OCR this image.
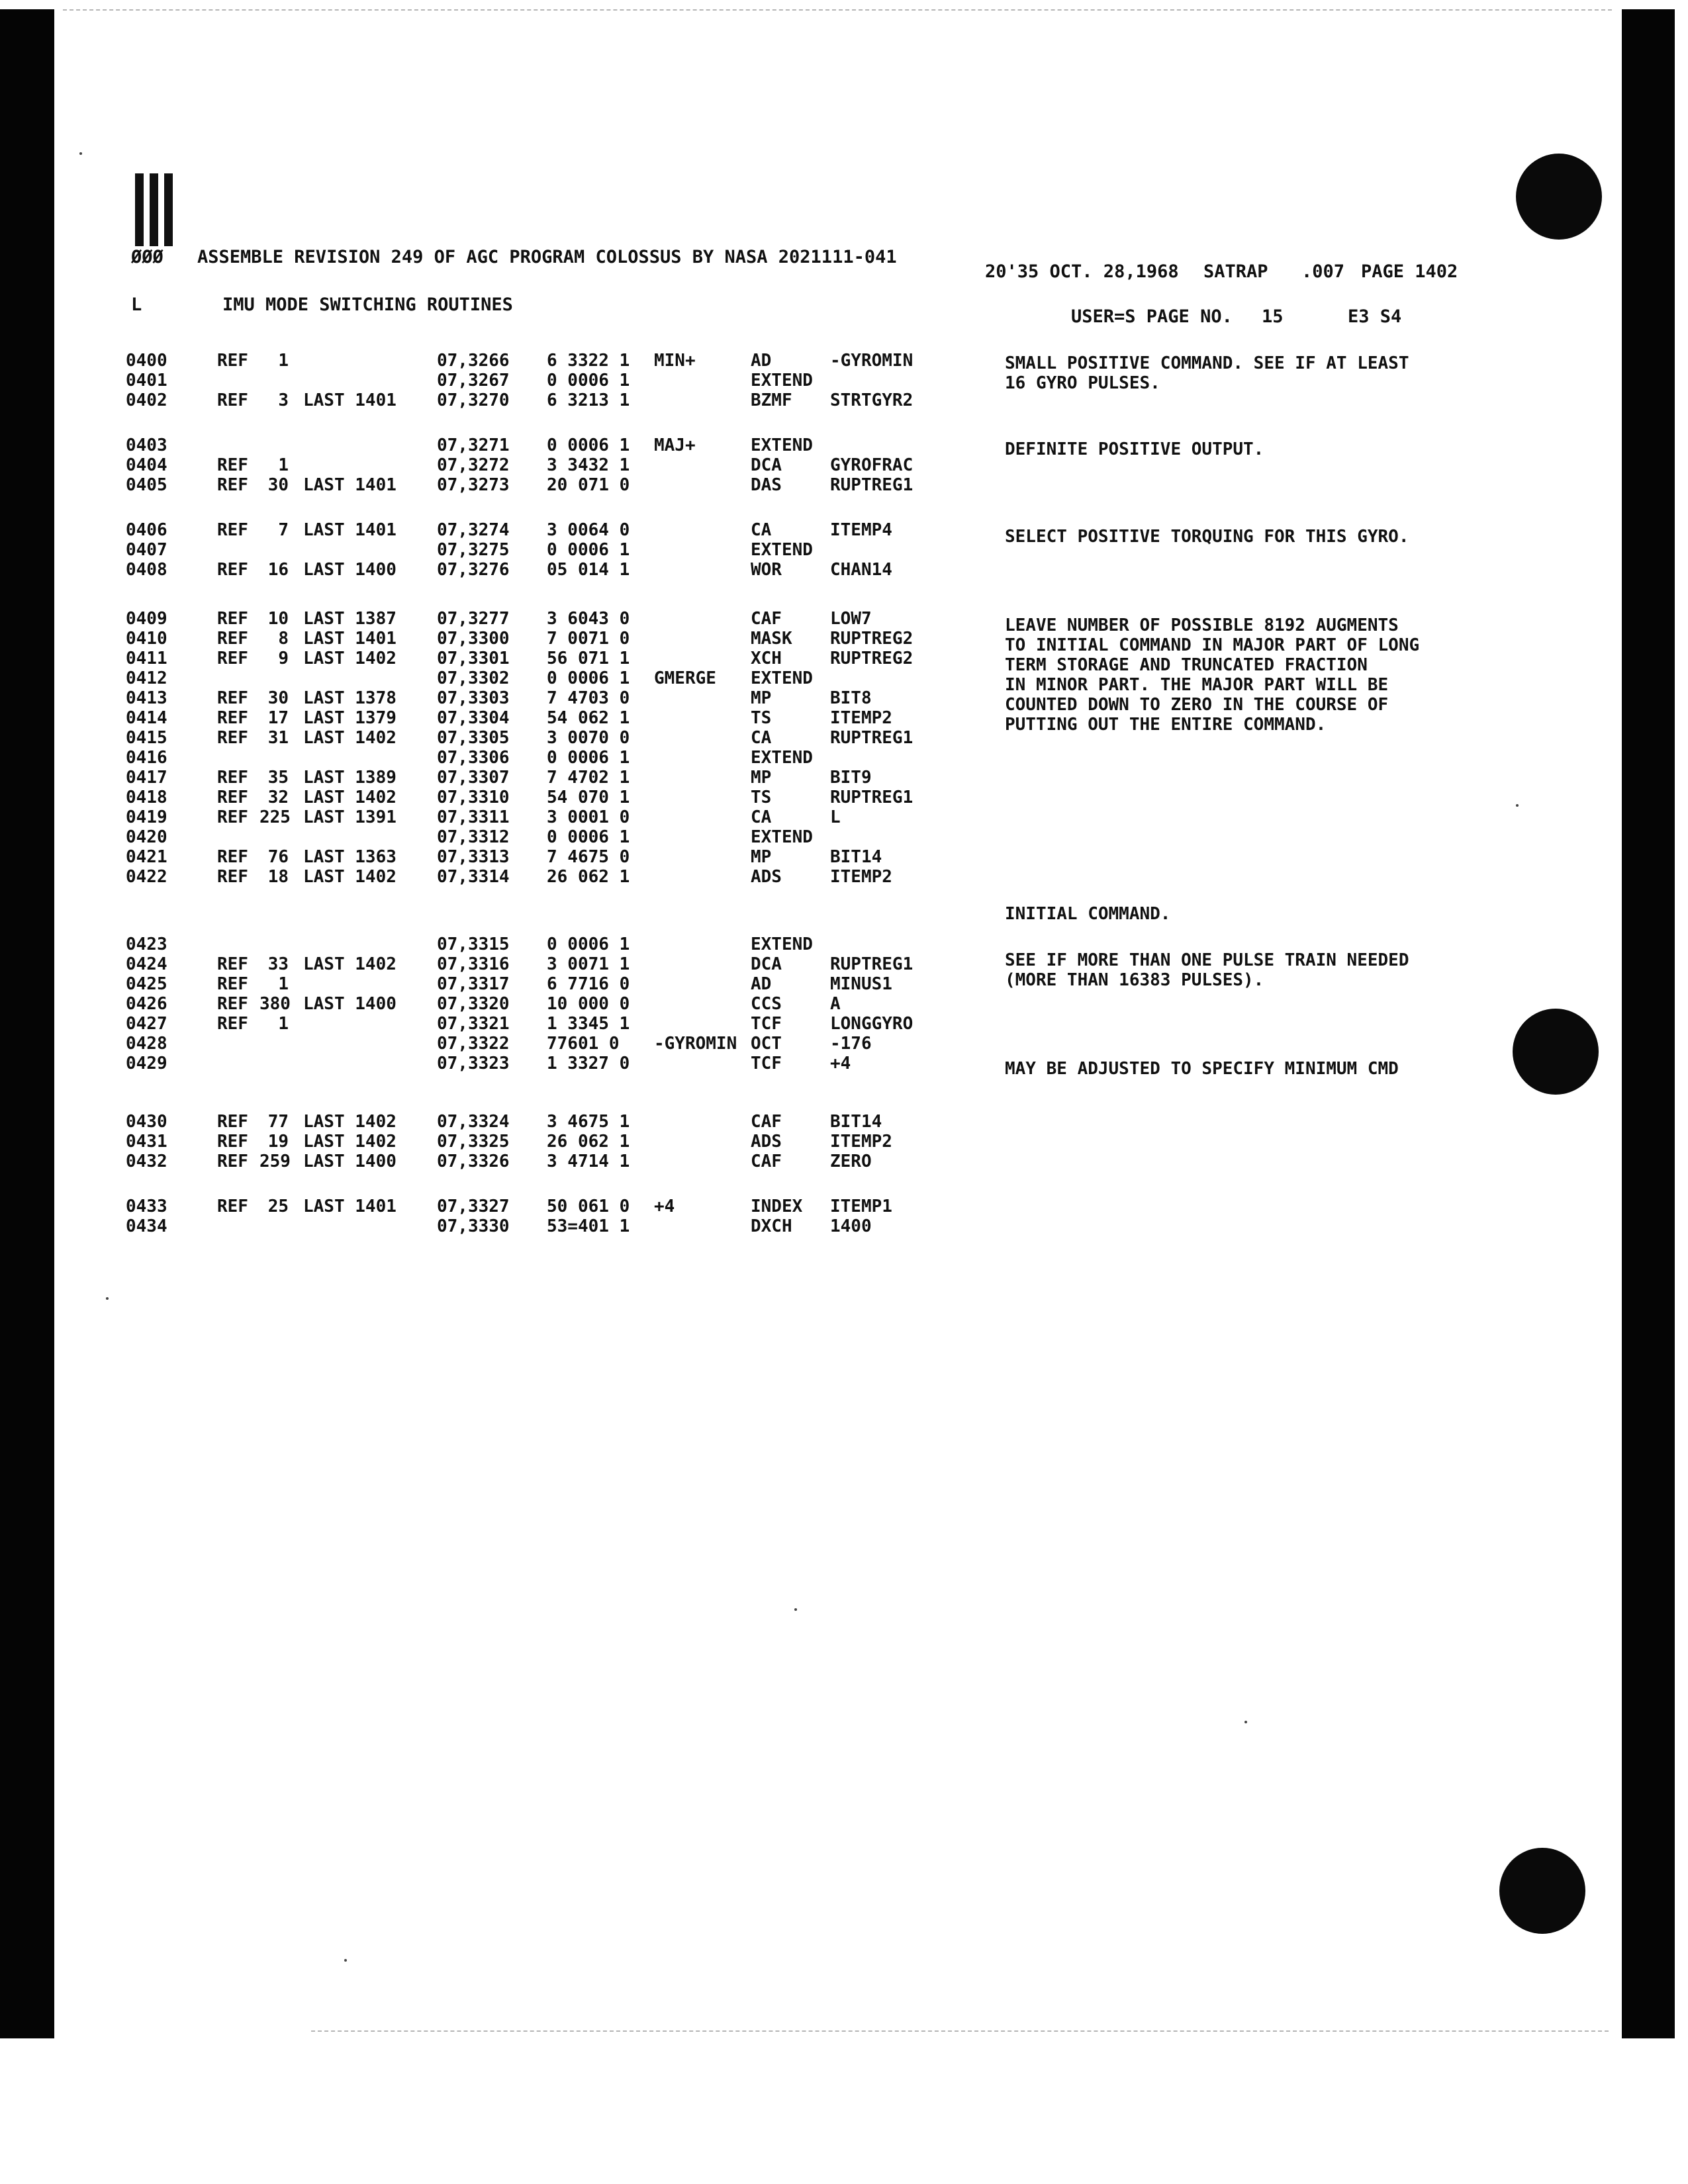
ØØØ ASSEMBLE REVISION 249 OF AGC PROGRAM COLOSSUS BY NASA 2021111-041
20'35 OCT. 28,1968 SATRAP .007 PAGE 1402
L	IMU MODE SWITCHING ROUTINES
USER=S PAGE NO. 15	E3 S4
0400	REF	1	07,3266 6 3322 1 MIN+	AD	-GYROMIN
0401	07,3267 0 0006 1	EXTEND
0402	REF	3 LAST 1401 07,3270 6 3213 1	BZMF STRTGYR2
0403	07,3271 0 0006 1 MAJ+	EXTEND
0404	REF	1	07,3272 3 3432 1	DCA	GYROFRAC
0405	REF	30 LAST 1401 07,3273 20 071 0	DAS	RUPTREG1
0406	REF	7 LAST 1401 07,3274 3 0064 0	CA	ITEMP4
0407	07,3275 0 0006 1	EXTEND
0408	REF	16 LAST 1400 07,3276 05 014 1	WOR	CHAN14
0409	REF	10 LAST 1387 07,3277 3 6043 0	CAF	LOW7
0410	REF	8 LAST 1401 07,3300 7 0071 0	MASK RUPTREG2
0411	REF	9 LAST 1402 07,3301 56 071 1	XCH	RUPTREG2
0412	07,3302 0 0006 1 GMERGE EXTEND
0413	REF	30 LAST 1378 07,3303 7 4703 0	MP	BIT8
0414	REF	17 LAST 1379 07,3304 54 062 1	TS	ITEMP2
0415	REF	31 LAST 1402 07,3305 3 0070 0	CA	RUPTREG1
0416	07,3306 0 0006 1	EXTEND
0417	REF	35 LAST 1389 07,3307 7 4702 1	MP	BIT9
0418	REF	32 LAST 1402 07,3310 54 070 1	TS	RUPTREG1
0419	REF 225 LAST 1391 07,3311 3 0001 0	CA	L
0420	07,3312 0 0006 1	EXTEND
0421	REF	76 LAST 1363 07,3313 7 4675 0	MP	BIT14
0422	REF	18 LAST 1402 07,3314 26 062 1	ADS	ITEMP2
0423	07,3315 0 0006 1	EXTEND
0424	REF	33 LAST 1402 07,3316 3 0071 1	DCA	RUPTREG1
0425	REF	1	07,3317 6 7716 0	AD	MINUS1
0426	REF 380 LAST 1400 07,3320 10 000 0	CCS	A
0427	REF	1	07,3321 1 3345 1	TCF	LONGGYRO
0428	07,3322 77601 0 -GYROMIN OCT	-176
0429	07,3323 1 3327 0	TCF	+4
0430	REF	77 LAST 1402 07,3324 3 4675 1	CAF	BIT14
0431	REF	19 LAST 1402 07,3325 26 062 1	ADS	ITEMP2
0432	REF 259 LAST 1400 07,3326 3 4714 1	CAF	ZERO
0433	REF	25 LAST 1401 07,3327 50 061 0 +4	INDEX ITEMP1
0434	07,3330 53=401 1	DXCH 1400
SMALL POSITIVE COMMAND. SEE IF AT LEAST
16 GYRO PULSES.
DEFINITE POSITIVE OUTPUT.
SELECT POSITIVE TORQUING FOR THIS GYRO.
LEAVE NUMBER OF POSSIBLE 8192 AUGMENTS
TO INITIAL COMMAND IN MAJOR PART OF LONG
TERM STORAGE AND TRUNCATED FRACTION
IN MINOR PART. THE MAJOR PART WILL BE
COUNTED DOWN TO ZERO IN THE COURSE OF
PUTTING OUT THE ENTIRE COMMAND.
INITIAL COMMAND.
SEE IF MORE THAN ONE PULSE TRAIN NEEDED
(MORE THAN 16383 PULSES).
MAY BE ADJUSTED TO SPECIFY MINIMUM CMD
